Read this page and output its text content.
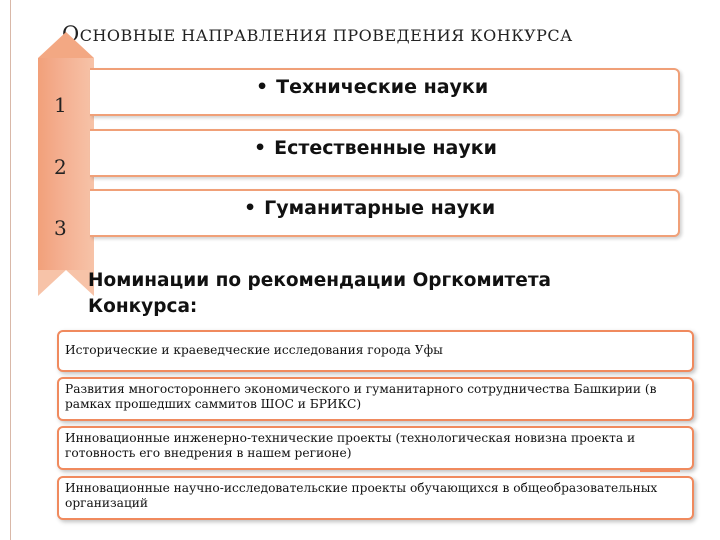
СНОВНЫЕ НАПРАВЛЕНИЯ ПРОВЕДЕНИЯ КОНКУРСА
1
2
3
• Технические науки
• Естественные науки
• Гуманитарные науки
Номинации по рекомендации Оргкомитета
Конкурса:
Исторические и краеведческие исследования города Уфы
Развития многостороннего экономического и гуманитарного сотрудничества Башкирии (в рамках прошедших саммитов ШОС и БРИКС)
Инновационные инженерно-технические проекты (технологическая новизна проекта и готовность его внедрения в нашем регионе)
Инновационные научно-исследовательские проекты обучающихся в общеобразовательных организаций
